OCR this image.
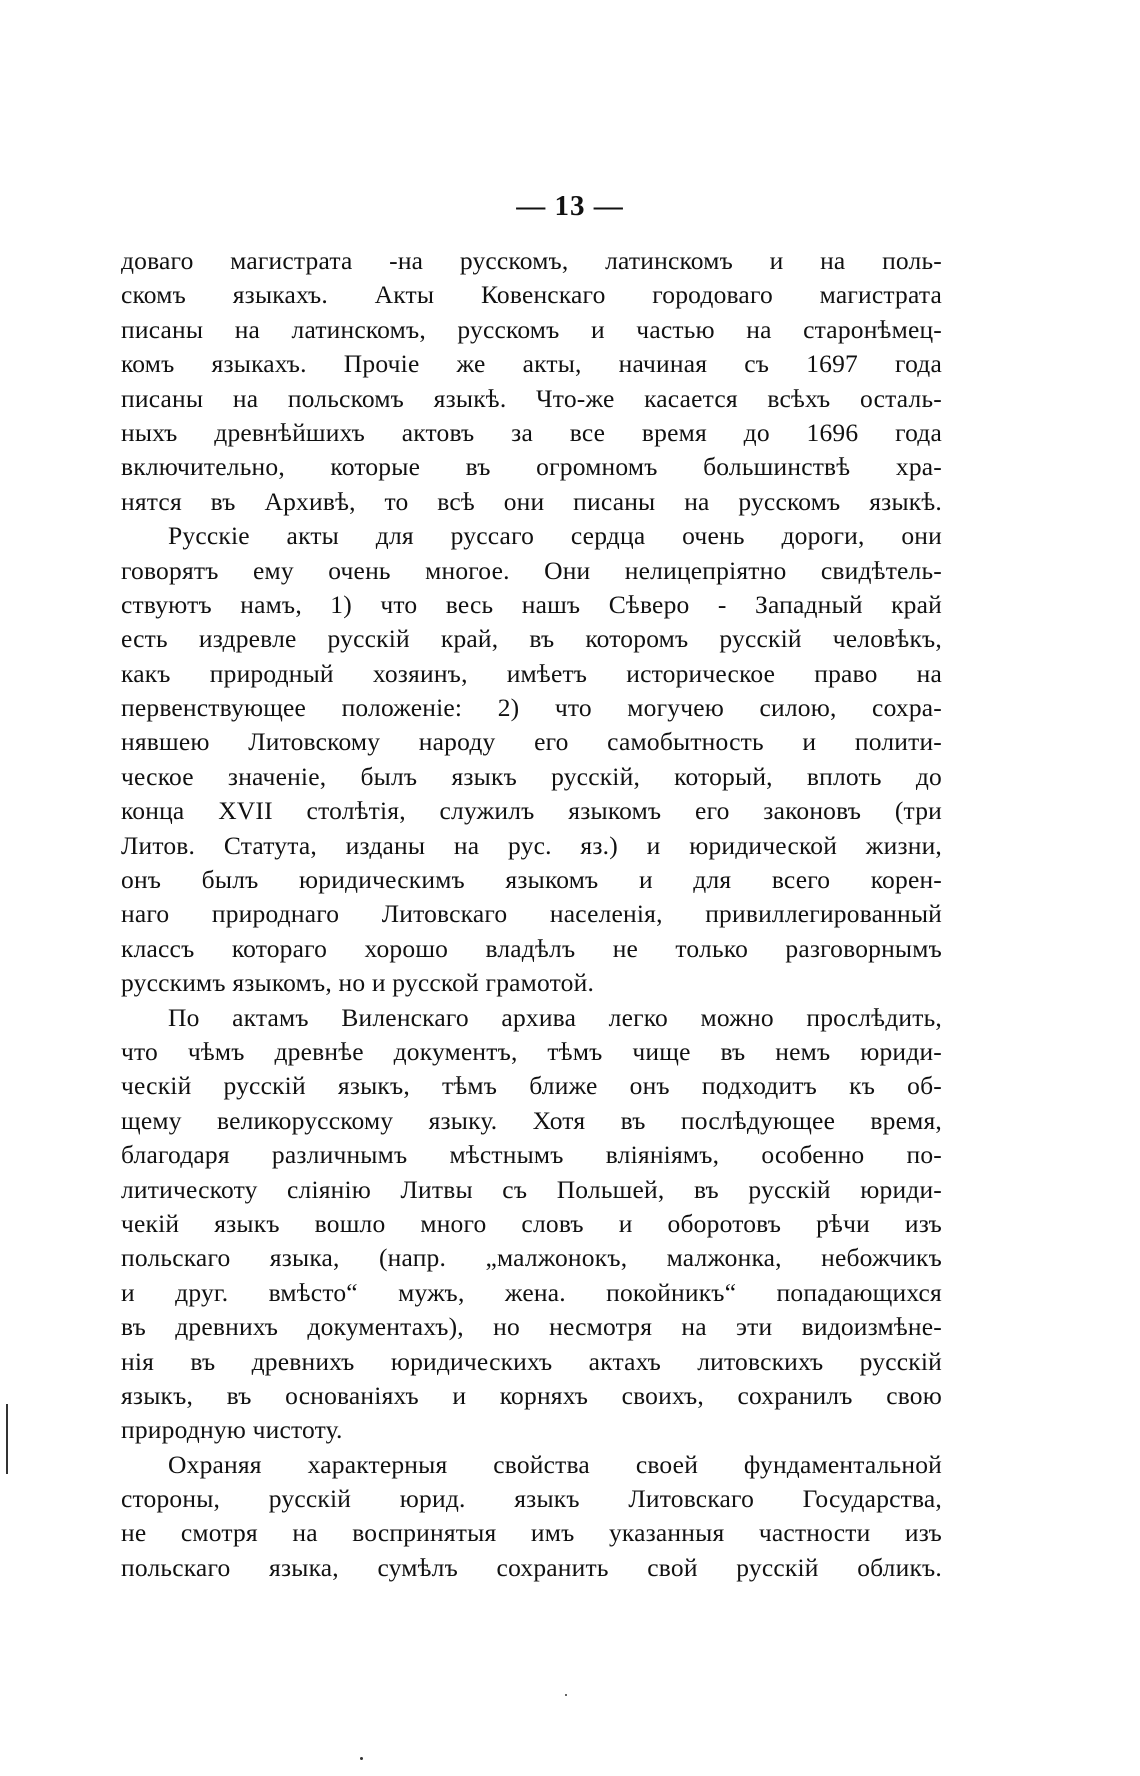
— 13 —
доваго магистрата -на русскомъ, латинскомъ и на поль-
скомъ языкахъ. Акты Ковенскаго городоваго магистрата
писаны на латинскомъ, русскомъ и частью на старонѣмец-
комъ языкахъ. Прочіе же акты, начиная съ 1697 года
писаны на польскомъ языкѣ. Что-же касается всѣхъ осталь-
ныхъ древнѣйшихъ актовъ за все время до 1696 года
включительно, которые въ огромномъ большинствѣ хра-
нятся въ Архивѣ, то всѣ они писаны на русскомъ языкѣ.
Русскіе акты для руссаго сердца очень дороги, они
говорятъ ему очень многое. Они нелицепріятно свидѣтель-
ствуютъ намъ, 1) что весь нашъ Сѣверо - Западный край
есть издревле русскій край, въ которомъ русскій человѣкъ,
какъ природный хозяинъ, имѣетъ историческое право на
первенствующее положеніе: 2) что могучею силою, сохра-
нявшею Литовскому народу его самобытность и полити-
ческое значеніе, былъ языкъ русскій, который, вплоть до
конца XVII столѣтія, служилъ языкомъ его законовъ (три
Литов. Статута, изданы на рус. яз.) и юридической жизни,
онъ былъ юридическимъ языкомъ и для всего корен-
наго природнаго Литовскаго населенія, привиллегированный
классъ котораго хорошо владѣлъ не только разговорнымъ
русскимъ языкомъ, но и русской грамотой.
По актамъ Виленскаго архива легко можно прослѣдить,
что чѣмъ древнѣе документъ, тѣмъ чище въ немъ юриди-
ческій русскій языкъ, тѣмъ ближе онъ подходитъ къ об-
щему великорусскому языку. Хотя въ послѣдующее время,
благодаря различнымъ мѣстнымъ вліяніямъ, особенно по-
литическоту сліянію Литвы съ Польшей, въ русскій юриди-
чекій языкъ вошло много словъ и оборотовъ рѣчи изъ
польскаго языка, (напр. „малжонокъ, малжонка, небожчикъ
и друг. вмѣсто“ мужъ, жена. покойникъ“ попадающихся
въ древнихъ документахъ), но несмотря на эти видоизмѣне-
нія въ древнихъ юридическихъ актахъ литовскихъ русскій
языкъ, въ основаніяхъ и корняхъ своихъ, сохранилъ свою
природную чистоту.
Охраняя характерныя свойства своей фундаментальной
стороны, русскій юрид. языкъ Литовскаго Государства,
не смотря на воспринятыя имъ указанныя частности изъ
польскаго языка, сумѣлъ сохранить свой русскій обликъ.
